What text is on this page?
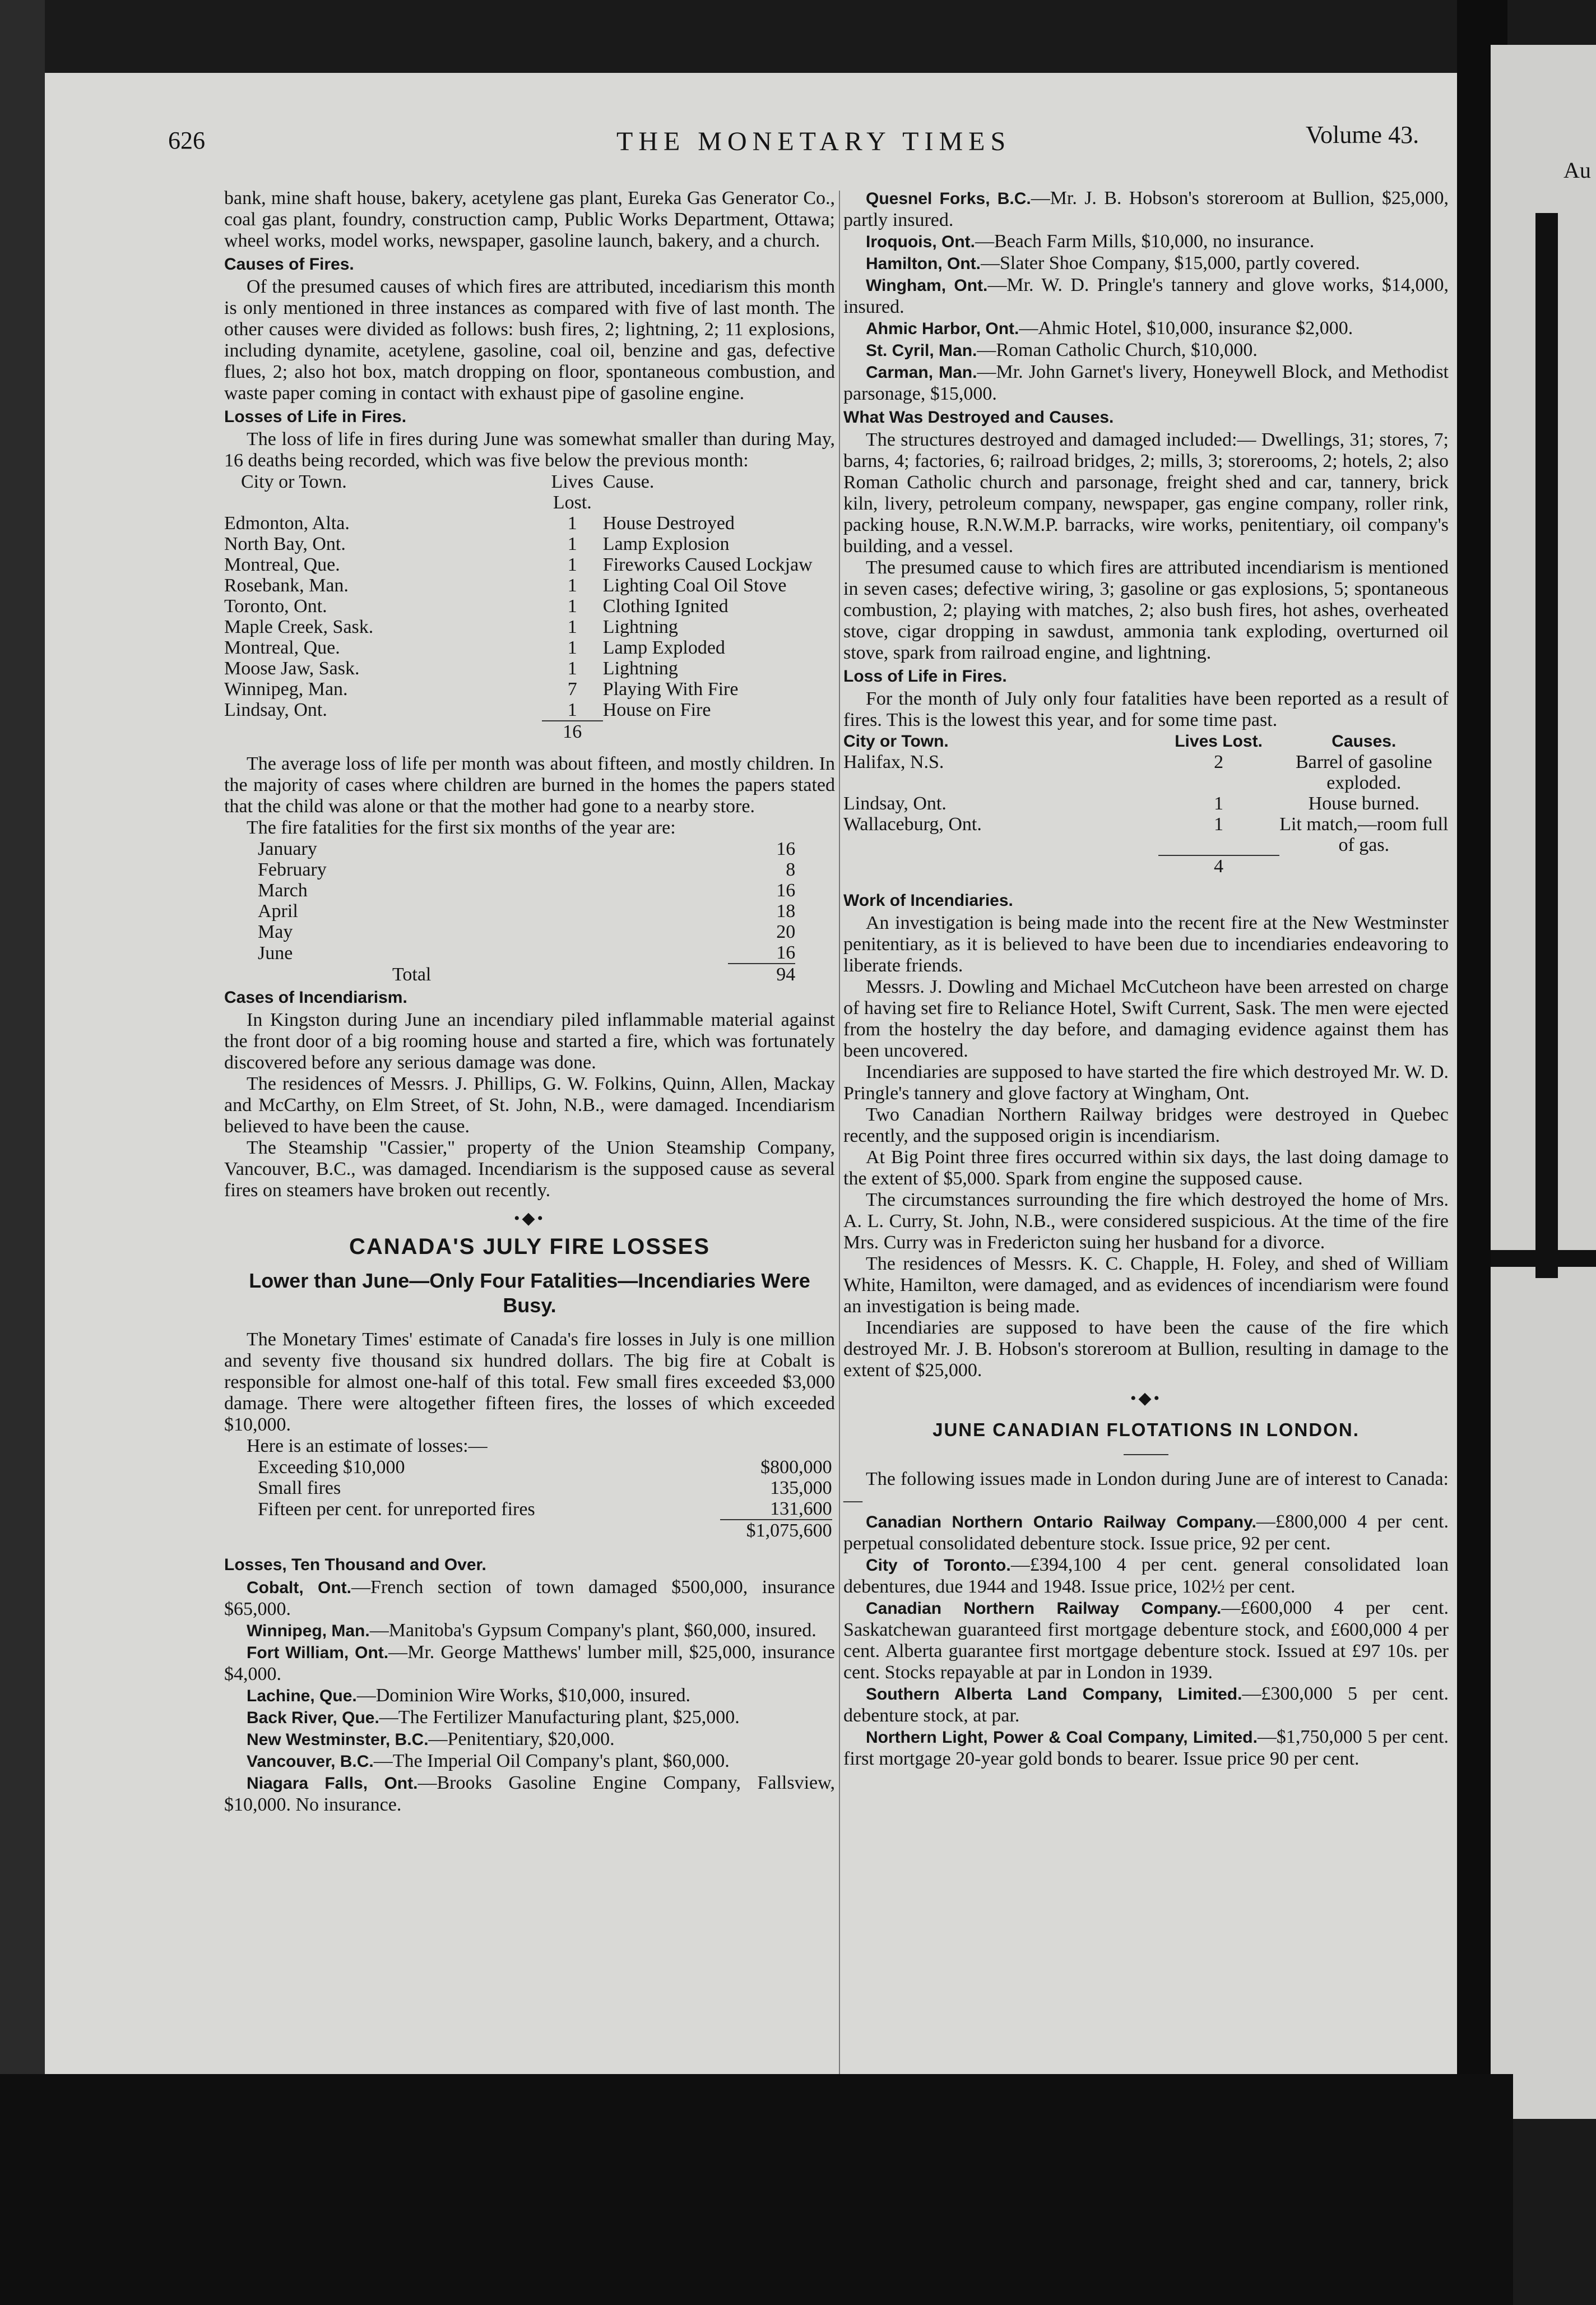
Au
626	THE MONETARY TIMES	Volume 43.

bank, mine shaft house, bakery, acetylene gas plant, Eureka Gas Generator Co., coal gas plant, foundry, construction camp, Public Works Department, Ottawa; wheel works, model works, newspaper, gasoline launch, bakery, and a church.

Causes of Fires.

Of the presumed causes of which fires are attributed, incediarism this month is only mentioned in three instances as compared with five of last month. The other causes were divided as follows: bush fires, 2; lightning, 2; 11 explosions, including dynamite, acetylene, gasoline, coal oil, benzine and gas, defective flues, 2; also hot box, match dropping on floor, spontaneous combustion, and waste paper coming in contact with exhaust pipe of gasoline engine.

Losses of Life in Fires.

The loss of life in fires during June was somewhat smaller than during May, 16 deaths being recorded, which was five below the previous month:

City or Town.	Lives Lost.	Cause.
Edmonton, Alta.	1	House Destroyed
North Bay, Ont.	1	Lamp Explosion
Montreal, Que.	1	Fireworks Caused Lockjaw
Rosebank, Man.	1	Lighting Coal Oil Stove
Toronto, Ont.	1	Clothing Ignited
Maple Creek, Sask.	1	Lightning
Montreal, Que.	1	Lamp Exploded
Moose Jaw, Sask.	1	Lightning
Winnipeg, Man.	7	Playing With Fire
Lindsay, Ont.	1	House on Fire
	16	

The average loss of life per month was about fifteen, and mostly children. In the majority of cases where children are burned in the homes the papers stated that the child was alone or that the mother had gone to a nearby store.

The fire fatalities for the first six months of the year are:

January	16
February	8
March	16
April	18
May	20
June	16
Total	94
Cases of Incendiarism.

In Kingston during June an incendiary piled inflammable material against the front door of a big rooming house and started a fire, which was fortunately discovered before any serious damage was done.

The residences of Messrs. J. Phillips, G. W. Folkins, Quinn, Allen, Mackay and McCarthy, on Elm Street, of St. John, N.B., were damaged. Incendiarism believed to have been the cause.

The Steamship "Cassier," property of the Union Steamship Company, Vancouver, B.C., was damaged. Incendiarism is the supposed cause as several fires on steamers have broken out recently.

•◆•
CANADA'S JULY FIRE LOSSES
Lower than June—Only Four Fatalities—Incendiaries Were Busy.

The Monetary Times' estimate of Canada's fire losses in July is one million and seventy five thousand six hundred dollars. The big fire at Cobalt is responsible for almost one-half of this total. Few small fires exceeded $3,000 damage. There were altogether fifteen fires, the losses of which exceeded $10,000.

Here is an estimate of losses:—

Exceeding $10,000	$800,000
Small fires	135,000
Fifteen per cent. for unreported fires	131,600
	$1,075,600
Losses, Ten Thousand and Over.

Cobalt, Ont.—French section of town damaged $500,000, insurance $65,000.

Winnipeg, Man.—Manitoba's Gypsum Company's plant, $60,000, insured.

Fort William, Ont.—Mr. George Matthews' lumber mill, $25,000, insurance $4,000.

Lachine, Que.—Dominion Wire Works, $10,000, insured.

Back River, Que.—The Fertilizer Manufacturing plant, $25,000.

New Westminster, B.C.—Penitentiary, $20,000.

Vancouver, B.C.—The Imperial Oil Company's plant, $60,000.

Niagara Falls, Ont.—Brooks Gasoline Engine Company, Fallsview, $10,000. No insurance.

Quesnel Forks, B.C.—Mr. J. B. Hobson's storeroom at Bullion, $25,000, partly insured.

Iroquois, Ont.—Beach Farm Mills, $10,000, no insurance.

Hamilton, Ont.—Slater Shoe Company, $15,000, partly covered.

Wingham, Ont.—Mr. W. D. Pringle's tannery and glove works, $14,000, insured.

Ahmic Harbor, Ont.—Ahmic Hotel, $10,000, insurance $2,000.

St. Cyril, Man.—Roman Catholic Church, $10,000.

Carman, Man.—Mr. John Garnet's livery, Honeywell Block, and Methodist parsonage, $15,000.

What Was Destroyed and Causes.

The structures destroyed and damaged included:— Dwellings, 31; stores, 7; barns, 4; factories, 6; railroad bridges, 2; mills, 3; storerooms, 2; hotels, 2; also Roman Catholic church and parsonage, freight shed and car, tannery, brick kiln, livery, petroleum company, newspaper, gas engine company, roller rink, packing house, R.N.W.M.P. barracks, wire works, penitentiary, oil company's building, and a vessel.

The presumed cause to which fires are attributed incendiarism is mentioned in seven cases; defective wiring, 3; gasoline or gas explosions, 5; spontaneous combustion, 2; playing with matches, 2; also bush fires, hot ashes, overheated stove, cigar dropping in sawdust, ammonia tank exploding, overturned oil stove, spark from railroad engine, and lightning.

Loss of Life in Fires.

For the month of July only four fatalities have been reported as a result of fires. This is the lowest this year, and for some time past.

City or Town.	Lives Lost.	Causes.
Halifax, N.S.	2	Barrel of gasoline exploded.
Lindsay, Ont.	1	House burned.
Wallaceburg, Ont.	1	Lit match,—room full of gas.
	4	
Work of Incendiaries.

An investigation is being made into the recent fire at the New Westminster penitentiary, as it is believed to have been due to incendiaries endeavoring to liberate friends.

Messrs. J. Dowling and Michael McCutcheon have been arrested on charge of having set fire to Reliance Hotel, Swift Current, Sask. The men were ejected from the hostelry the day before, and damaging evidence against them has been uncovered.

Incendiaries are supposed to have started the fire which destroyed Mr. W. D. Pringle's tannery and glove factory at Wingham, Ont.

Two Canadian Northern Railway bridges were destroyed in Quebec recently, and the supposed origin is incendiarism.

At Big Point three fires occurred within six days, the last doing damage to the extent of $5,000. Spark from engine the supposed cause.

The circumstances surrounding the fire which destroyed the home of Mrs. A. L. Curry, St. John, N.B., were considered suspicious. At the time of the fire Mrs. Curry was in Fredericton suing her husband for a divorce.

The residences of Messrs. K. C. Chapple, H. Foley, and shed of William White, Hamilton, were damaged, and as evidences of incendiarism were found an investigation is being made.

Incendiaries are supposed to have been the cause of the fire which destroyed Mr. J. B. Hobson's storeroom at Bullion, resulting in damage to the extent of $25,000.

•◆•
JUNE CANADIAN FLOTATIONS IN LONDON.

The following issues made in London during June are of interest to Canada:—

Canadian Northern Ontario Railway Company.—£800,000 4 per cent. perpetual consolidated debenture stock. Issue price, 92 per cent.

City of Toronto.—£394,100 4 per cent. general consolidated loan debentures, due 1944 and 1948. Issue price, 102½ per cent.

Canadian Northern Railway Company.—£600,000 4 per cent. Saskatchewan guaranteed first mortgage debenture stock, and £600,000 4 per cent. Alberta guarantee first mortgage debenture stock. Issued at £97 10s. per cent. Stocks repayable at par in London in 1939.

Southern Alberta Land Company, Limited.—£300,000 5 per cent. debenture stock, at par.

Northern Light, Power & Coal Company, Limited.—$1,750,000 5 per cent. first mortgage 20-year gold bonds to bearer. Issue price 90 per cent.
